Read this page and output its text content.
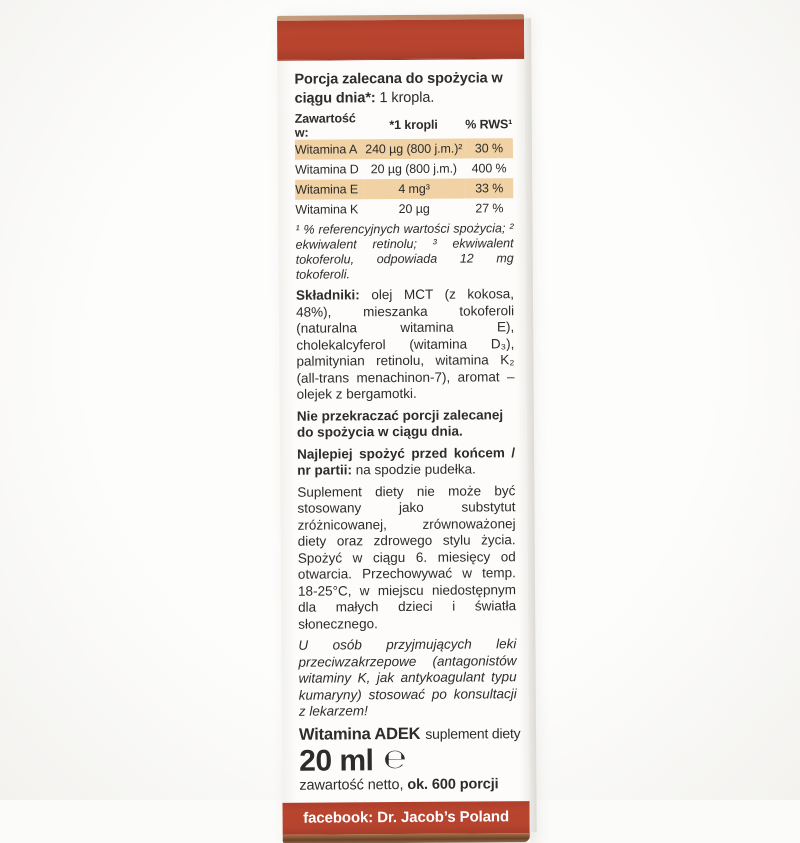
Porcja zalecana do spożycia w ciągu dnia*: 1 kropla.

Zawartość w:	*1 kropli	% RWS¹
Witamina A	240 µg (800 j.m.)²	30 %
Witamina D	20 µg (800 j.m.)	400 %
Witamina E	4 mg³	33 %
Witamina K	20 µg	27 %

¹ % referencyjnych wartości spożycia; ² ekwiwalent retinolu; ³ ekwiwalent tokoferolu, odpowiada 12 mg tokoferoli.

Składniki: olej MCT (z kokosa, 48%), mieszanka tokoferoli (naturalna witamina E), cholekalcyferol (witamina D₃), palmitynian retinolu, witamina K₂ (all-trans menachinon-7), aromat – olejek z bergamotki.

Nie przekraczać porcji zalecanej do spożycia w ciągu dnia.

Najlepiej spożyć przed końcem / nr partii: na spodzie pudełka.

Suplement diety nie może być stosowany jako substytut zróżnicowanej, zrównoważonej diety oraz zdrowego stylu życia. Spożyć w ciągu 6. miesięcy od otwarcia. Przechowywać w temp. 18-25°C, w miejscu niedostępnym dla małych dzieci i światła słonecznego.

U osób przyjmujących leki przeciwzakrzepowe (antagonistów witaminy K, jak antykoagulant typu kumaryny) stosować po konsultacji z lekarzem!

Witamina ADEK suplement diety

20 ml ℮

zawartość netto, ok. 600 porcji

facebook: Dr. Jacob’s Poland
